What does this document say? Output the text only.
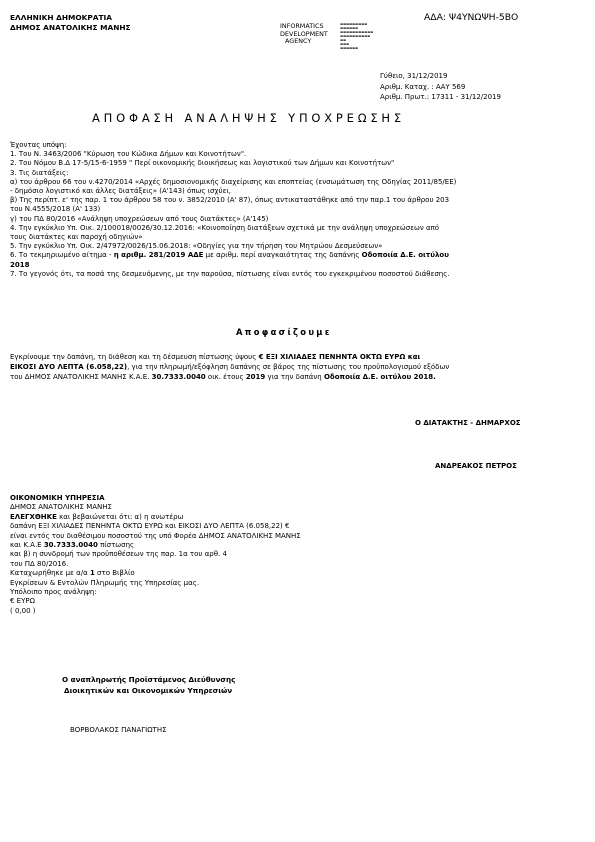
ΕΛΛΗΝΙΚΗ ΔΗΜΟΚΡΑΤΙΑ
ΔΗΜΟΣ ΑΝΑΤΟΛΙΚΗΣ ΜΑΝΗΣ	INFORMATICS
DEVELOPMENT
AGENCY
▬▬▬▬▬▬▬▬▬
▬▬▬▬▬▬
▬▬▬▬▬▬▬▬▬▬▬
▬▬▬▬▬▬▬▬▬▬
▬▬
▬▬▬
▬▬▬▬▬▬
ΑΔΑ: Ψ4ΥΝΩΨΗ-5ΒΟ
Γύθειο, 31/12/2019
Αριθμ. Καταχ. : ΑΑΥ 569
Αριθμ. Πρωτ.: 17311 - 31/12/2019
ΑΠΟΦΑΣΗ ΑΝΑΛΗΨΗΣ ΥΠΟΧΡΕΩΣΗΣ
Έχοντας υπόψη:
1. Του Ν. 3463/2006 "Κύρωση του Κώδικα Δήμων και Κοινοτήτων".
2. Του Νόμου Β.Δ 17-5/15-6-1959 " Περί οικονομικής διοικήσεως και λογιστικού των Δήμων και Κοινοτήτων"
3. Τις διατάξεις:
α) του άρθρου 66 του ν.4270/2014 «Αρχές δημοσιονομικής διαχείρισης και εποπτείας (ενσωμάτωση της Οδηγίας 2011/85/ΕΕ)
- δημόσιο λογιστικό και άλλες διατάξεις» (Α'143) όπως ισχύει,
β) Της περίπτ. ε' της παρ. 1 του άρθρου 58 του ν. 3852/2010 (Α' 87), όπως αντικαταστάθηκε από την παρ.1 του άρθρου 203
του Ν.4555/2018 (Α' 133)
γ) του ΠΔ 80/2016 «Ανάληψη υποχρεώσεων από τους διατάκτες» (Α'145)
4. Την εγκύκλιο Υπ. Οικ. 2/100018/0026/30.12.2016: «Κοινοποίηση διατάξεων σχετικά με την ανάληψη υποχρεώσεων από
τους διατάκτες και παροχή οδηγιών»
5. Την εγκύκλιο Υπ. Οικ. 2/47972/0026/15.06.2018: «Οδηγίες για την τήρηση του Μητρώου Δεσμεύσεων»
6. Το τεκμηριωμένο αίτημα - η αριθμ. 281/2019 ΑΔΕ με αριθμ. περί αναγκαιότητας της δαπάνης Οδοποιία Δ.Ε. οιτύλου
2018
7. Το γεγονός ότι, τα ποσά της δεσμευόμενης, με την παρούσα, πίστωσης είναι εντός του εγκεκριμένου ποσοστού διάθεσης.
Αποφασίζουμε
Εγκρίνουμε την δαπάνη, τη διάθεση και τη δέσμευση πίστωσης ύψους € ΕΞΙ ΧΙΛΙΑΔΕΣ ΠΕΝΗΝΤΑ ΟΚΤΩ ΕΥΡΩ και
ΕΙΚΟΣΙ ΔΥΟ ΛΕΠΤΑ (6.058,22), για την πληρωμή/εξόφληση δαπάνης σε βάρος της πίστωσης του προϋπολογισμού εξόδων
του ΔΗΜΟΣ ΑΝΑΤΟΛΙΚΗΣ ΜΑΝΗΣ Κ.Α.Ε. 30.7333.0040 οικ. έτους 2019 για την δαπάνη Οδοποιία Δ.Ε. οιτύλου 2018.
Ο ΔΙΑΤΑΚΤΗΣ - ΔΗΜΑΡΧΟΣ
ΑΝΔΡΕΑΚΟΣ ΠΕΤΡΟΣ
ΟΙΚΟΝΟΜΙΚΗ ΥΠΗΡΕΣΙΑ
ΔΗΜΟΣ ΑΝΑΤΟΛΙΚΗΣ ΜΑΝΗΣ
ΕΛΕΓΧΘΗΚΕ και βεβαιώνεται ότι: α) η ανωτέρω
δαπάνη ΕΞΙ ΧΙΛΙΑΔΕΣ ΠΕΝΗΝΤΑ ΟΚΤΩ ΕΥΡΩ και ΕΙΚΟΣΙ ΔΥΟ ΛΕΠΤΑ (6.058,22) €
είναι εντός του διαθέσιμου ποσοστού της υπό Φορέα ΔΗΜΟΣ ΑΝΑΤΟΛΙΚΗΣ ΜΑΝΗΣ
και Κ.Α.Ε 30.7333.0040 πίστωσης
και β) η συνδρομή των προϋποθέσεων της παρ. 1α του αρθ. 4
του ΠΔ 80/2016.
Καταχωρήθηκε με α/α 1 στο Βιβλίο
Εγκρίσεων & Εντολών Πληρωμής της Υπηρεσίας μας.
Υπόλοιπο προς ανάληψη:
€ ΕΥΡΩ
( 0,00 )
Ο αναπληρωτής Προϊστάμενος Διεύθυνσης
Διοικητικών και Οικονομικών Υπηρεσιών
ΒΟΡΒΟΛΑΚΟΣ ΠΑΝΑΓΙΩΤΗΣ
